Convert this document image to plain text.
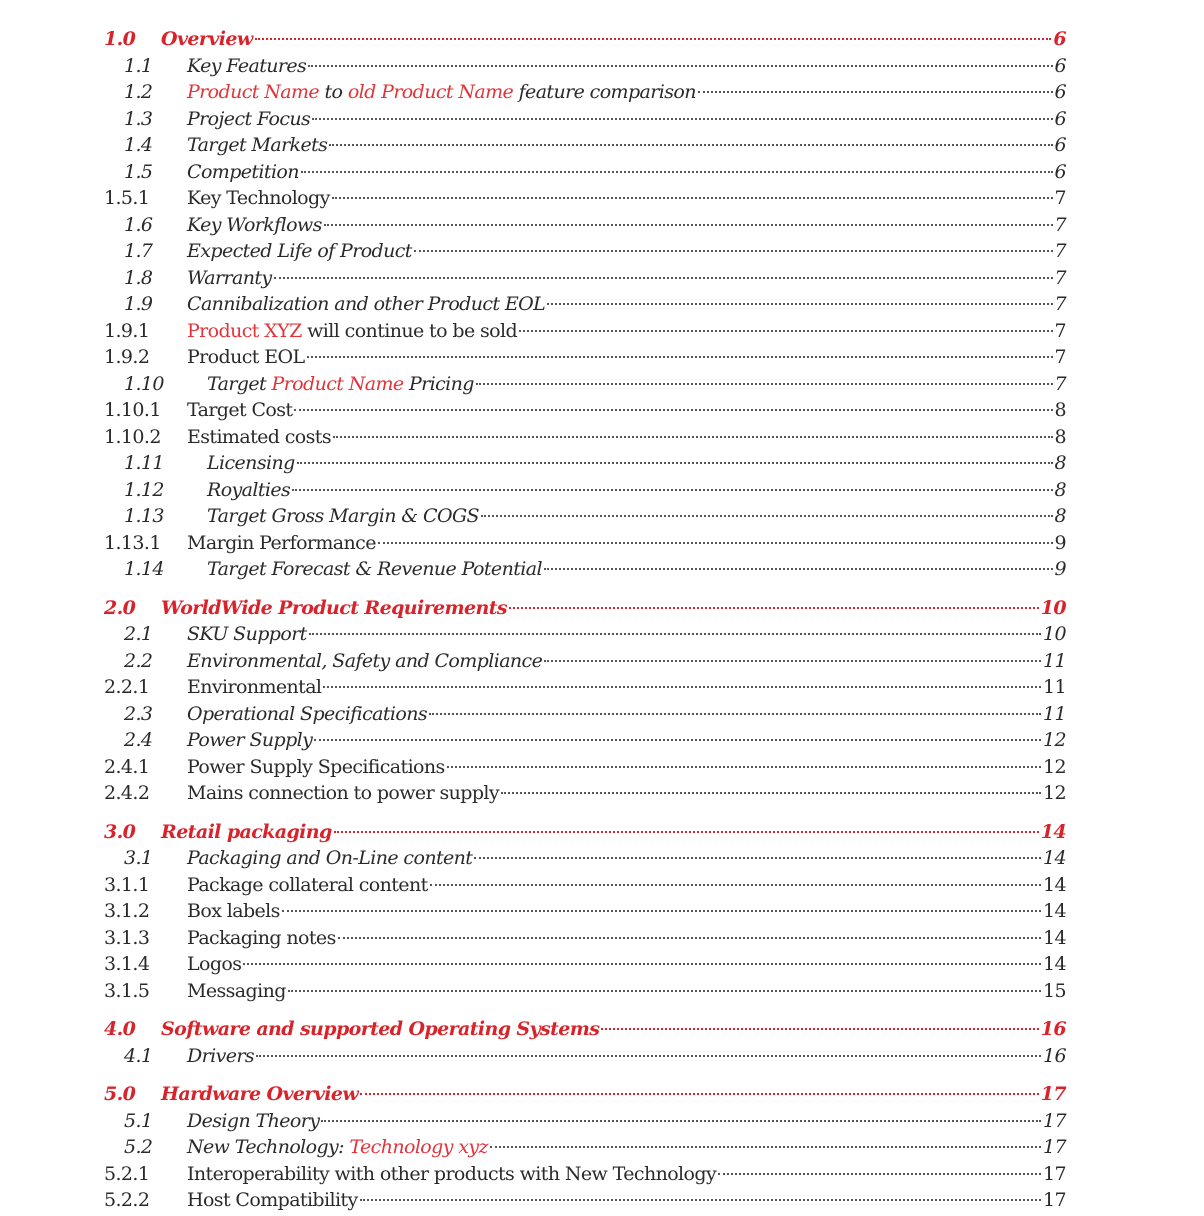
1.0 Overview	6
1.1 Key Features	6
1.2 Product Name to old Product Name feature comparison	6
1.3 Project Focus	6
1.4 Target Markets	6
1.5 Competition	6
1.5.1 Key Technology	7
1.6 Key Workflows	7
1.7 Expected Life of Product	7
1.8 Warranty	7
1.9 Cannibalization and other Product EOL	7
1.9.1 Product XYZ will continue to be sold	7
1.9.2 Product EOL	7
1.10 Target Product Name Pricing	7
1.10.1 Target Cost	8
1.10.2 Estimated costs	8
1.11 Licensing	8
1.12 Royalties	8
1.13 Target Gross Margin & COGS	8
1.13.1 Margin Performance	9
1.14 Target Forecast & Revenue Potential	9
2.0 WorldWide Product Requirements	10
2.1 SKU Support	10
2.2 Environmental, Safety and Compliance	11
2.2.1 Environmental	11
2.3 Operational Specifications	11
2.4 Power Supply	12
2.4.1 Power Supply Specifications	12
2.4.2 Mains connection to power supply	12
3.0 Retail packaging	14
3.1 Packaging and On-Line content	14
3.1.1 Package collateral content	14
3.1.2 Box labels	14
3.1.3 Packaging notes	14
3.1.4 Logos	14
3.1.5 Messaging	15
4.0 Software and supported Operating Systems	16
4.1 Drivers	16
5.0 Hardware Overview	17
5.1 Design Theory	17
5.2 New Technology: Technology xyz	17
5.2.1 Interoperability with other products with New Technology	17
5.2.2 Host Compatibility	17
